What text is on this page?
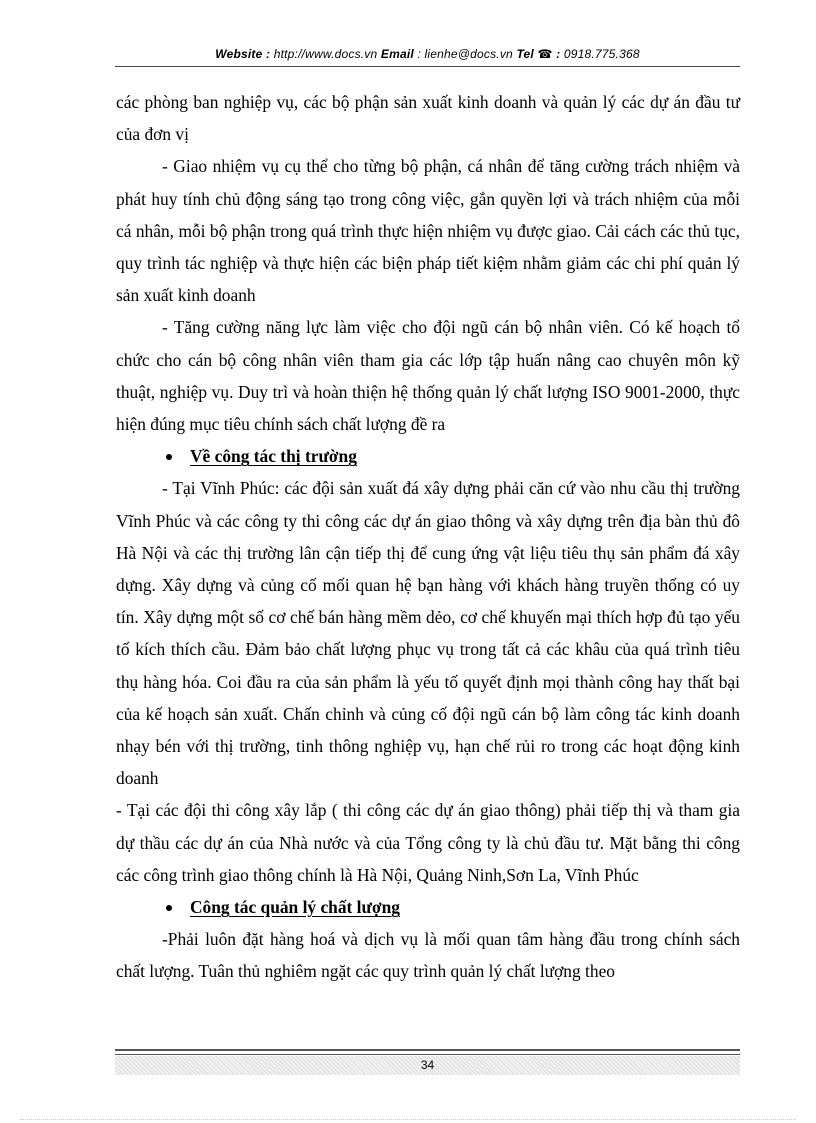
Website : http://www.docs.vn Email : lienhe@docs.vn Tel ☎ : 0918.775.368

các phòng ban nghiệp vụ, các bộ phận sản xuất kinh doanh và quản lý các dự án đầu tư của đơn vị

- Giao nhiệm vụ cụ thể cho từng bộ phận, cá nhân để tăng cường trách nhiệm và phát huy tính chủ động sáng tạo trong công việc, gắn quyền lợi và trách nhiệm của mỗi cá nhân, mỗi bộ phận trong quá trình thực hiện nhiệm vụ được giao. Cải cách các thủ tục, quy trình tác nghiệp và thực hiện các biện pháp tiết kiệm nhằm giảm các chi phí quản lý sản xuất kinh doanh

- Tăng cường năng lực làm việc cho đội ngũ cán bộ nhân viên. Có kế hoạch tổ chức cho cán bộ công nhân viên tham gia các lớp tập huấn nâng cao chuyên môn kỹ thuật, nghiệp vụ. Duy trì và hoàn thiện hệ thống quản lý chất lượng ISO 9001-2000, thực hiện đúng mục tiêu chính sách chất lượng đề ra

Về công tác thị trường

- Tại Vĩnh Phúc: các đội sản xuất đá xây dựng phải căn cứ vào nhu cầu thị trường Vĩnh Phúc và các công ty thi công các dự án giao thông và xây dựng trên địa bàn thủ đô Hà Nội và các thị trường lân cận tiếp thị để cung ứng vật liệu tiêu thụ sản phẩm đá xây dựng. Xây dựng và củng cố mối quan hệ bạn hàng với khách hàng truyền thống có uy tín. Xây dựng một số cơ chế bán hàng mềm dẻo, cơ chế khuyến mại thích hợp đủ tạo yếu tố kích thích cầu. Đảm bảo chất lượng phục vụ trong tất cả các khâu của quá trình tiêu thụ hàng hóa. Coi đầu ra của sản phẩm là yếu tố quyết định mọi thành công hay thất bại của kế hoạch sản xuất. Chấn chỉnh và củng cố đội ngũ cán bộ làm công tác kinh doanh nhạy bén với thị trường, tinh thông nghiệp vụ, hạn chế rủi ro trong các hoạt động kinh doanh

- Tại các đội thi công xây lắp ( thi công các dự án giao thông) phải tiếp thị và tham gia dự thầu các dự án của Nhà nước và của Tổng công ty là chủ đầu tư. Mặt bằng thi công các công trình giao thông chính là Hà Nội, Quảng Ninh,Sơn La, Vĩnh Phúc

Công tác quản lý chất lượng

-Phải luôn đặt hàng hoá và dịch vụ là mối quan tâm hàng đầu trong chính sách chất lượng. Tuân thủ nghiêm ngặt các quy trình quản lý chất lượng theo

34
